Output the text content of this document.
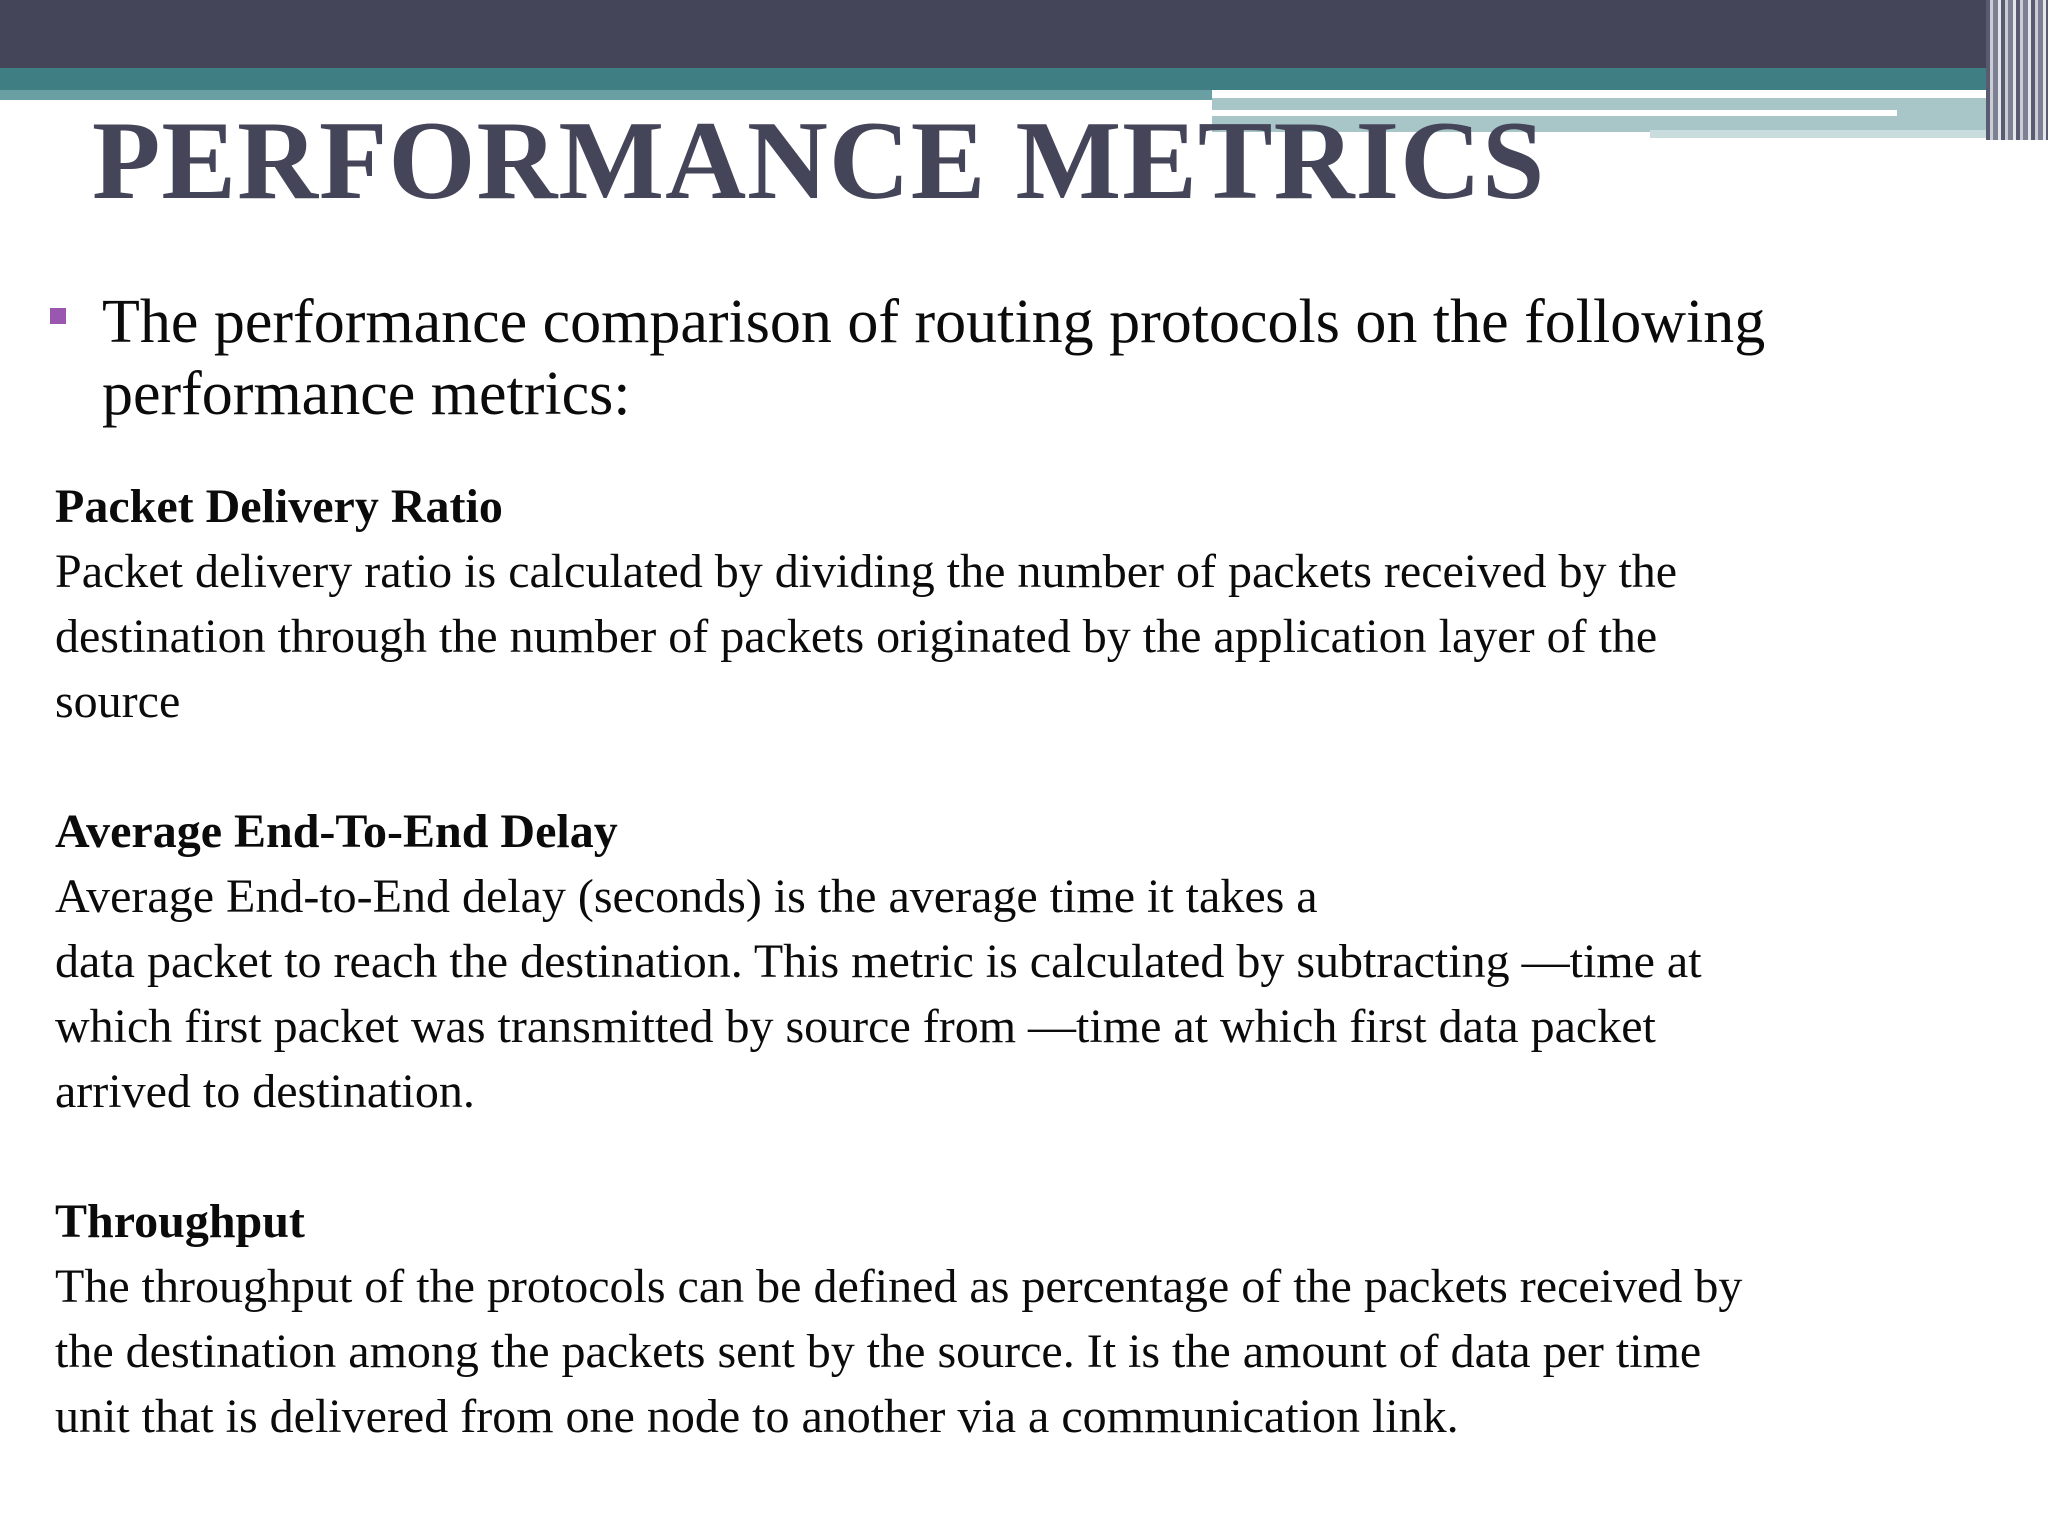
PERFORMANCE METRICS
The performance comparison of routing protocols on the following performance metrics:

Packet Delivery Ratio

Packet delivery ratio is calculated by dividing the number of packets received by the
destination through the number of packets originated by the application layer of the
source

Average End-To-End Delay

Average End-to-End delay (seconds) is the average time it takes a
data packet to reach the destination. This metric is calculated by subtracting —time at
which first packet was transmitted by source from —time at which first data packet
arrived to destination.

Throughput

The throughput of the protocols can be defined as percentage of the packets received by
the destination among the packets sent by the source. It is the amount of data per time
unit that is delivered from one node to another via a communication link.
